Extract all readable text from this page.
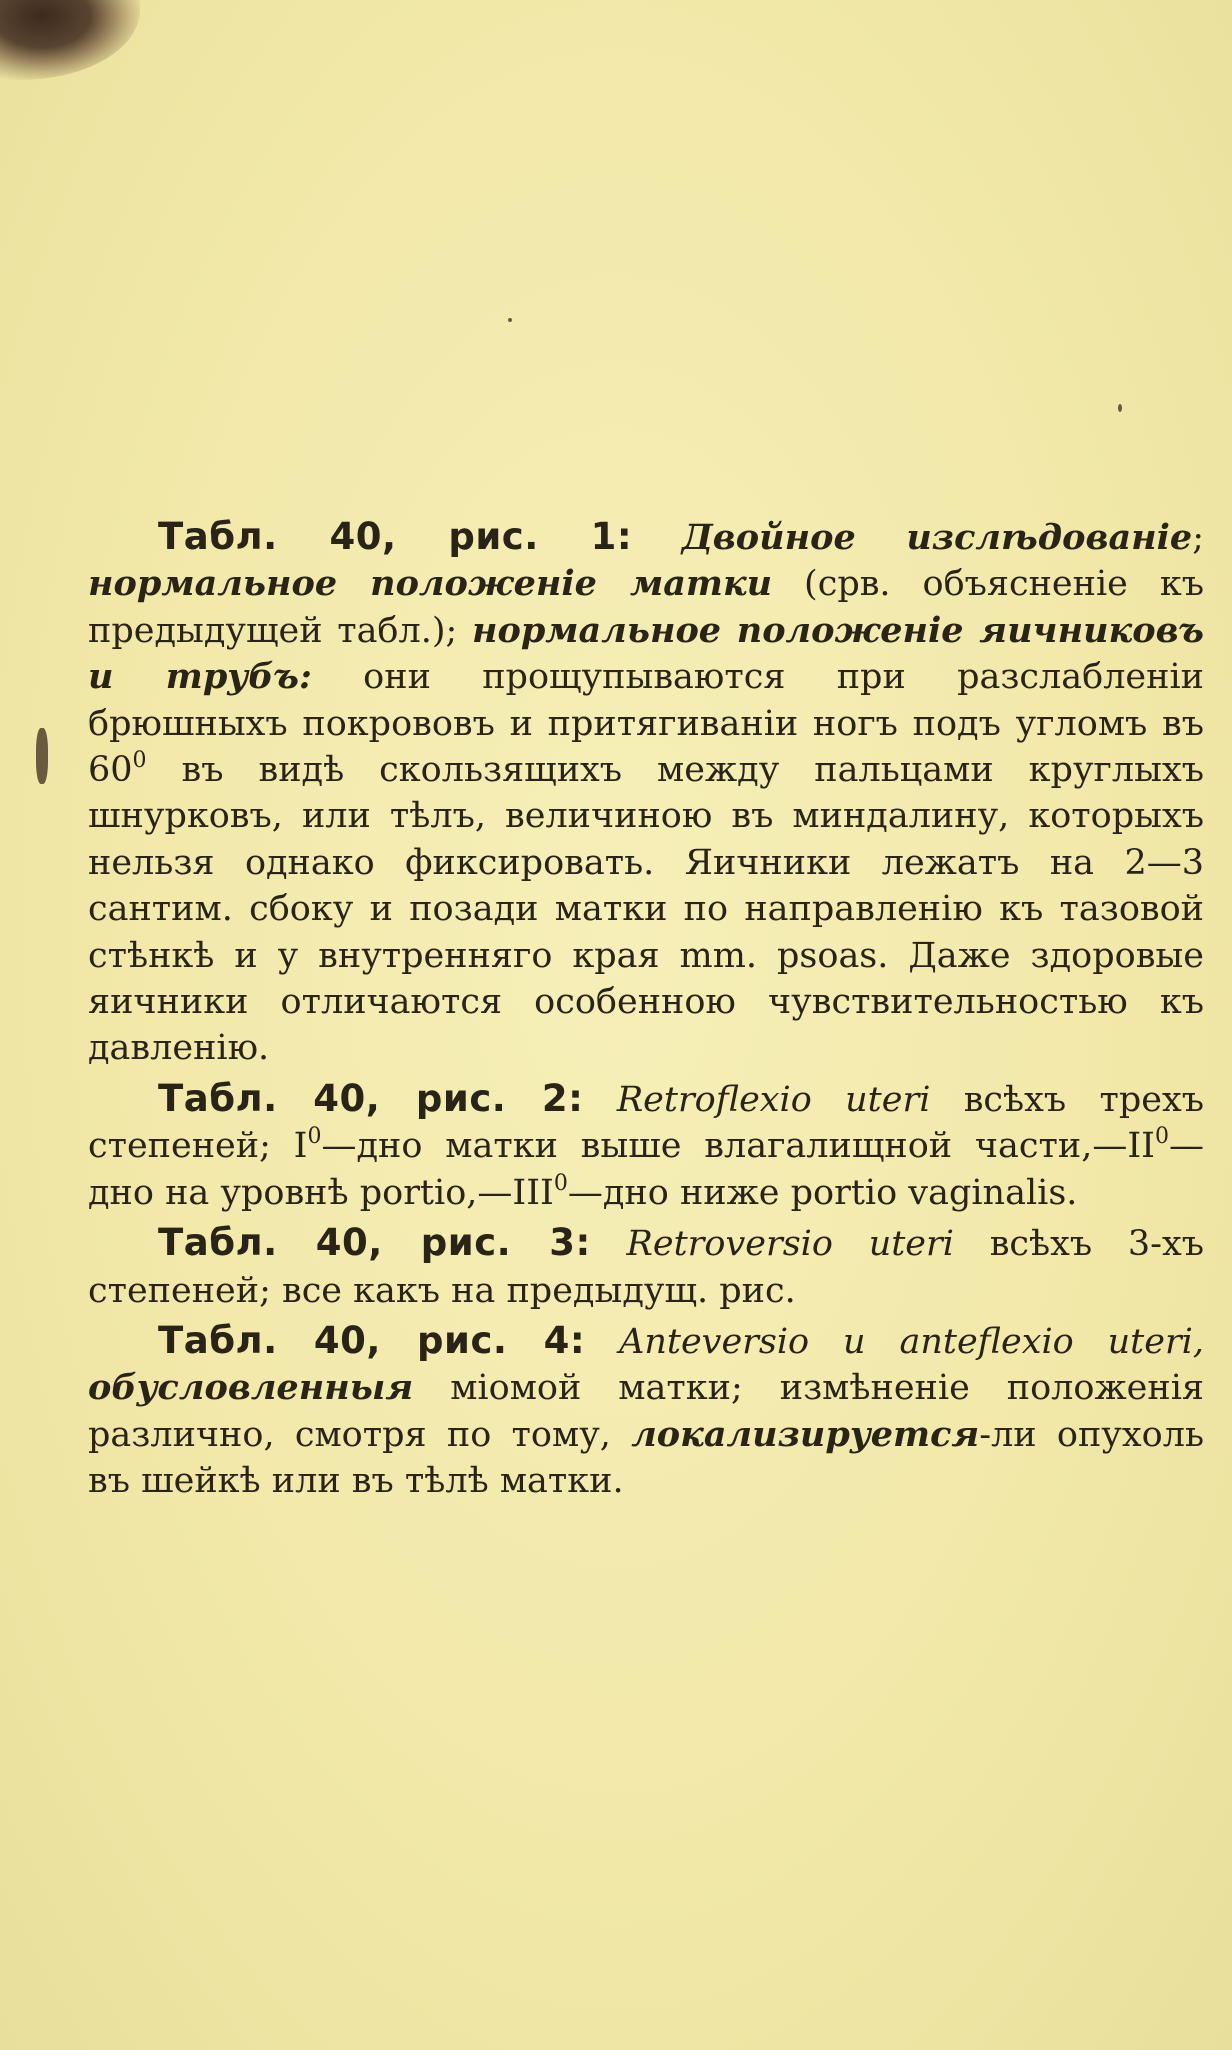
Табл. 40, рис. 1: Двойное изслѣдованіе; нормальное положеніе матки (срв. объясненіе къ предыдущей табл.); нормальное положеніе яичниковъ и трубъ: они прощупываются при разслабленіи брюшныхъ покрововъ и притягиваніи ногъ подъ угломъ въ $60^0$ въ видѣ скользящихъ между пальцами круглыхъ шнурковъ, или тѣлъ, величиною въ миндалину, которыхъ нельзя однако фиксировать. Яичники лежатъ на 2—3 сантим. сбоку и позади матки по направленію къ тазовой стѣнкѣ и у внутренняго края mm. psoas. Даже здоровые яичники отличаются особенною чувствительностью къ давленію.

Табл. 40, рис. 2: Retroflexio uteri всѣхъ трехъ степеней; $I^0—дно$ матки выше влагалищной $части,—II^0—дно$ на уровнѣ portio,—III$^0$—дно ниже portio vaginalis.

Табл. 40, рис. 3: Retroversio uteri всѣхъ 3-хъ степеней; все какъ на предыдущ. рис.

Табл. 40, рис. 4: Anteversio и anteflexio uteri, обусловленныя міомой матки; измѣненіе положенія различно, смотря по тому, локализируется-ли опухоль въ шейкѣ или въ тѣлѣ матки.
